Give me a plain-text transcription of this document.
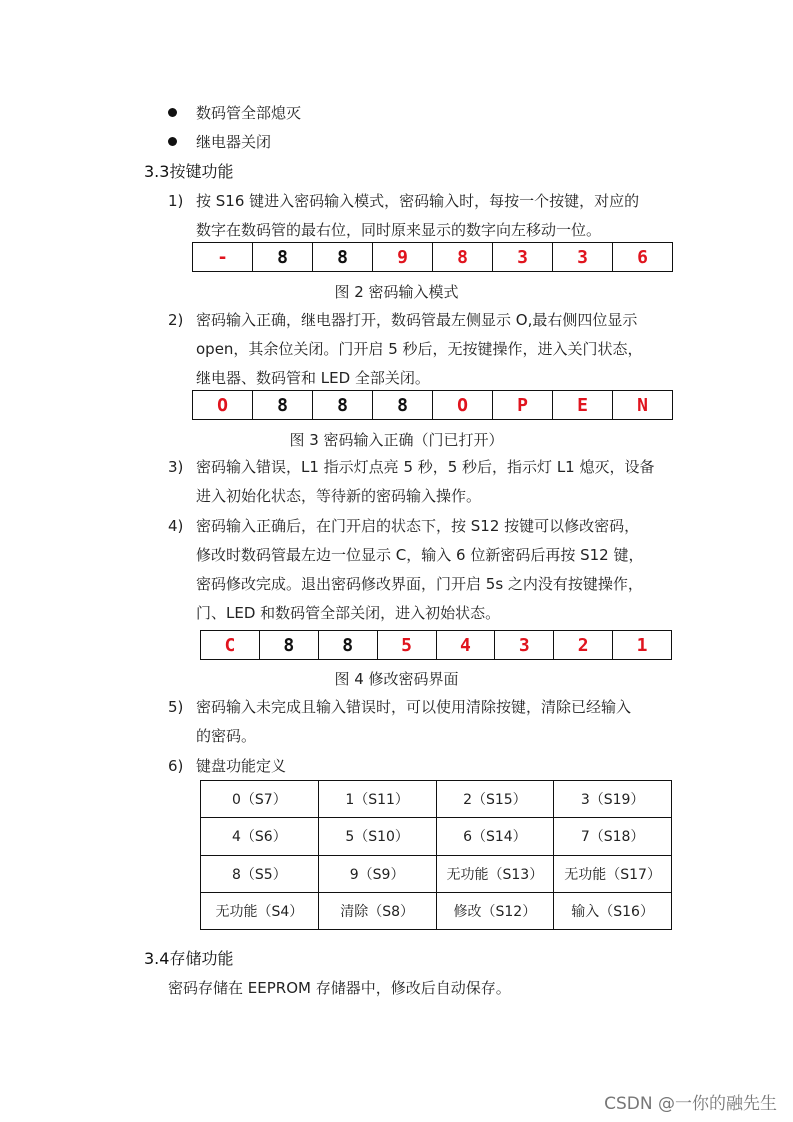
数码管全部熄灭
继电器关闭
3.3按键功能
1) 按 S16 键进入密码输入模式，密码输入时，每按一个按键，对应的
数字在数码管的最右位，同时原来显示的数字向左移动一位。
-	8	8	9	8	3	3	6
图 2 密码输入模式
2) 密码输入正确，继电器打开，数码管最左侧显示 O,最右侧四位显示
open，其余位关闭。门开启 5 秒后，无按键操作，进入关门状态，
继电器、数码管和 LED 全部关闭。
O	8	8	8	O	P	E	N
图 3 密码输入正确（门已打开）
3) 密码输入错误，L1 指示灯点亮 5 秒，5 秒后，指示灯 L1 熄灭，设备
进入初始化状态，等待新的密码输入操作。
4) 密码输入正确后，在门开启的状态下，按 S12 按键可以修改密码，
修改时数码管最左边一位显示 C，输入 6 位新密码后再按 S12 键，
密码修改完成。退出密码修改界面，门开启 5s 之内没有按键操作，
门、LED 和数码管全部关闭，进入初始状态。
C	8	8	5	4	3	2	1
图 4 修改密码界面
5) 密码输入未完成且输入错误时，可以使用清除按键，清除已经输入
的密码。
6) 键盘功能定义
0（S7）	1（S11）	2（S15）	3（S19）
4（S6）	5（S10）	6（S14）	7（S18）
8（S5）	9（S9）	无功能（S13）	无功能（S17）
无功能（S4）	清除（S8）	修改（S12）	输入（S16）
3.4存储功能
密码存储在 EEPROM 存储器中，修改后自动保存。
CSDN @一你的融先生
